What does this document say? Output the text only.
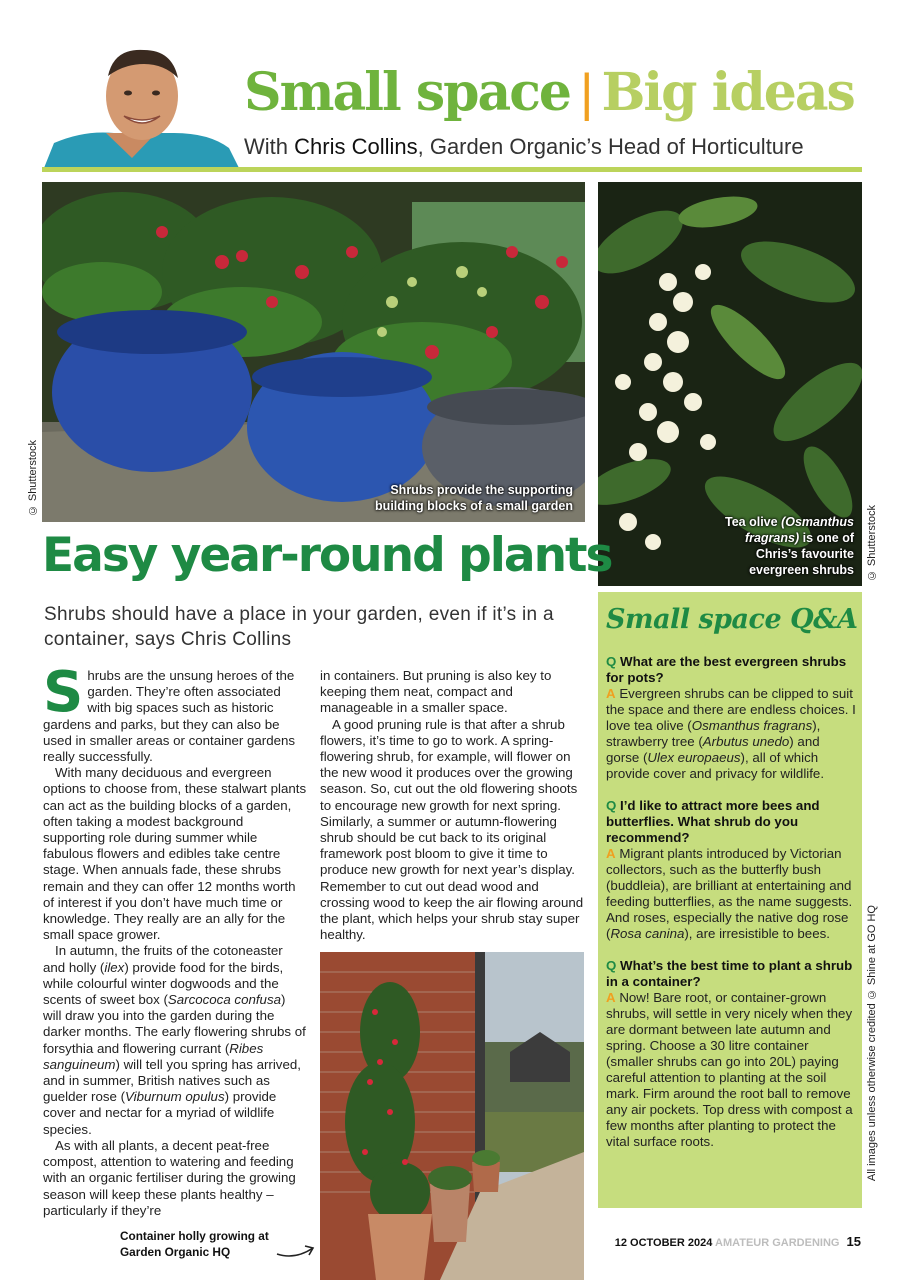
Small space | Big ideas
With Chris Collins, Garden Organic’s Head of Horticulture
Shrubs provide the supporting
building blocks of a small garden
© Shutterstock
Tea olive (Osmanthus
fragrans) is one of
Chris’s favourite
evergreen shrubs © Shutterstock
Easy year-round plants
Shrubs should have a place in your garden, even if it’s in a container, says Chris Collins

Shrubs are the unsung heroes of the garden. They’re often associated with big spaces such as historic gardens and parks, but they can also be used in smaller areas or container gardens really successfully.

With many deciduous and evergreen options to choose from, these stalwart plants can act as the building blocks of a garden, often taking a modest background supporting role during summer while fabulous flowers and edibles take centre stage. When annuals fade, these shrubs remain and they can offer 12 months worth of interest if you don’t have much time or knowledge. They really are an ally for the small space grower.

In autumn, the fruits of the cotoneaster and holly (ilex) provide food for the birds, while colourful winter dogwoods and the scents of sweet box (Sarcococa confusa) will draw you into the garden during the darker months. The early flowering shrubs of forsythia and flowering currant (Ribes sanguineum) will tell you spring has arrived, and in summer, British natives such as guelder rose (Viburnum opulus) provide cover and nectar for a myriad of wildlife species.

As with all plants, a decent peat-free compost, attention to watering and feeding with an organic fertiliser during the growing season will keep these plants healthy – particularly if they’re

in containers. But pruning is also key to keeping them neat, compact and manageable in a smaller space.

A good pruning rule is that after a shrub flowers, it’s time to go to work. A spring-flowering shrub, for example, will flower on the new wood it produces over the growing season. So, cut out the old flowering shoots to encourage new growth for next spring. Similarly, a summer or autumn-flowering shrub should be cut back to its original framework post bloom to give it time to produce new growth for next year’s display. Remember to cut out dead wood and crossing wood to keep the air flowing around the plant, which helps your shrub stay super healthy.

Container holly growing at
Garden Organic HQ
All images unless otherwise credited © Shine at GO HQ
Small space Q&A
Q What are the best evergreen shrubs for pots?
A Evergreen shrubs can be clipped to suit the space and there are endless choices. I love tea olive (Osmanthus fragrans), strawberry tree (Arbutus unedo) and gorse (Ulex europaeus), all of which provide cover and privacy for wildlife.
Q I’d like to attract more bees and butterflies. What shrub do you recommend?
A Migrant plants introduced by Victorian collectors, such as the butterfly bush (buddleia), are brilliant at entertaining and feeding butterflies, as the name suggests. And roses, especially the native dog rose (Rosa canina), are irresistible to bees.
Q What’s the best time to plant a shrub in a container?
A Now! Bare root, or container-grown shrubs, will settle in very nicely when they are dormant between late autumn and spring. Choose a 30 litre container (smaller shrubs can go into 20L) paying careful attention to planting at the soil mark. Firm around the root ball to remove any air pockets. Top dress with compost a few months after planting to protect the vital surface roots.
12 OCTOBER 2024 AMATEUR GARDENING 15
